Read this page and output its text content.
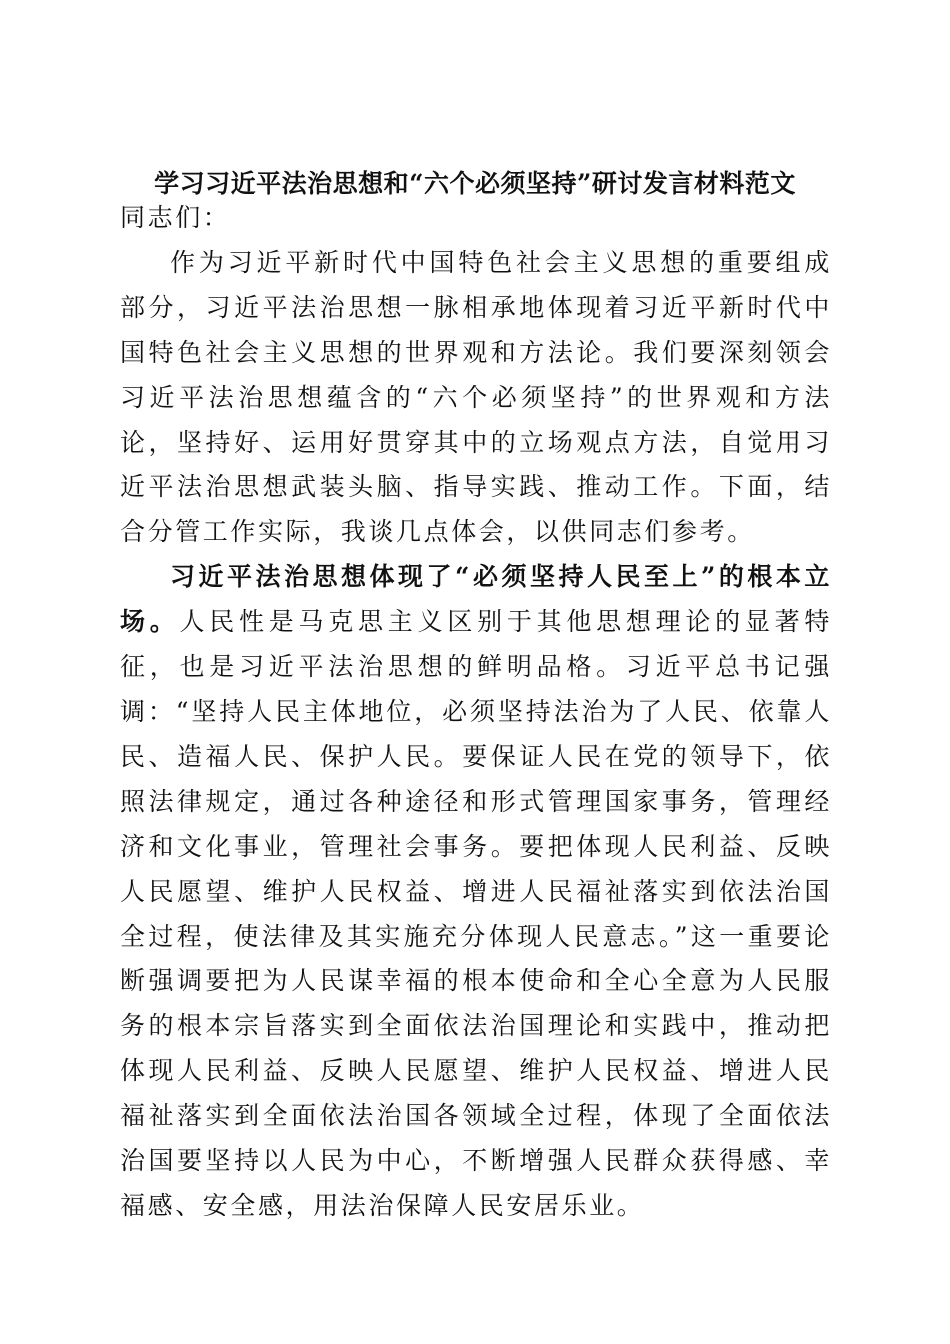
学习习近平法治思想和“六个必须坚持”研讨发言材料范文

同志们：

作为习近平新时代中国特色社会主义思想的重要组成部分，习近平法治思想一脉相承地体现着习近平新时代中国特色社会主义思想的世界观和方法论。我们要深刻领会习近平法治思想蕴含的“六个必须坚持”的世界观和方法论，坚持好、运用好贯穿其中的立场观点方法，自觉用习近平法治思想武装头脑、指导实践、推动工作。下面，结合分管工作实际，我谈几点体会，以供同志们参考。

习近平法治思想体现了“必须坚持人民至上”的根本立场。人民性是马克思主义区别于其他思想理论的显著特征，也是习近平法治思想的鲜明品格。习近平总书记强调：“坚持人民主体地位，必须坚持法治为了人民、依靠人民、造福人民、保护人民。要保证人民在党的领导下，依照法律规定，通过各种途径和形式管理国家事务，管理经济和文化事业，管理社会事务。要把体现人民利益、反映人民愿望、维护人民权益、增进人民福祉落实到依法治国全过程，使法律及其实施充分体现人民意志。”这一重要论断强调要把为人民谋幸福的根本使命和全心全意为人民服务的根本宗旨落实到全面依法治国理论和实践中，推动把体现人民利益、反映人民愿望、维护人民权益、增进人民福祉落实到全面依法治国各领域全过程，体现了全面依法治国要坚持以人民为中心，不断增强人民群众获得感、幸福感、安全感，用法治保障人民安居乐业。
